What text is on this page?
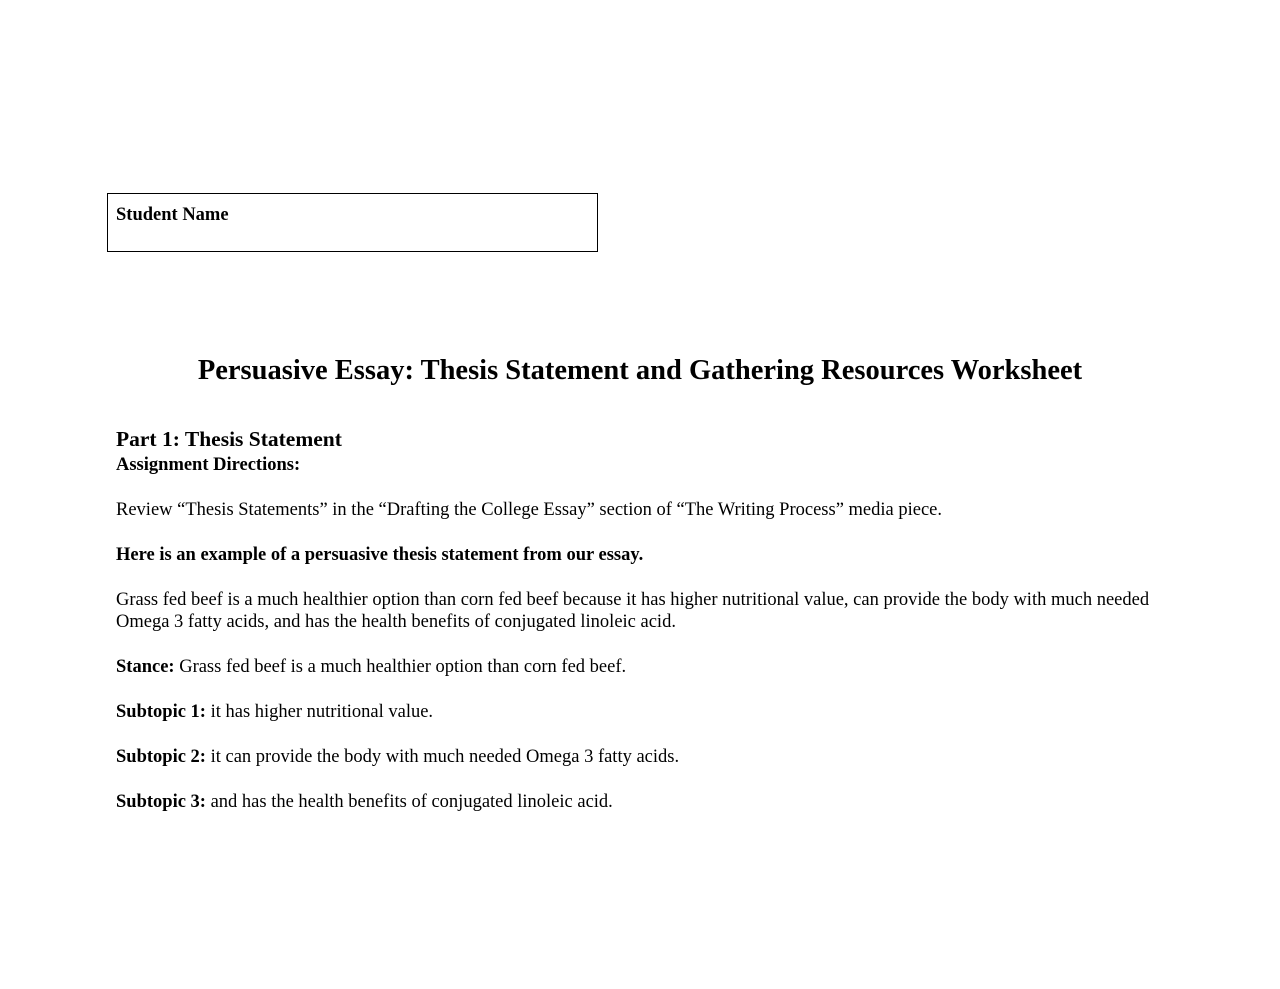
Student Name
Persuasive Essay: Thesis Statement and Gathering Resources Worksheet
Part 1: Thesis Statement
Assignment Directions:

Review “Thesis Statements” in the “Drafting the College Essay” section of “The Writing Process” media piece.

Here is an example of a persuasive thesis statement from our essay.

Grass fed beef is a much healthier option than corn fed beef because it has higher nutritional value, can provide the body with much needed Omega 3 fatty acids, and has the health benefits of conjugated linoleic acid.

Stance: Grass fed beef is a much healthier option than corn fed beef.

Subtopic 1: it has higher nutritional value.

Subtopic 2: it can provide the body with much needed Omega 3 fatty acids.

Subtopic 3: and has the health benefits of conjugated linoleic acid.
